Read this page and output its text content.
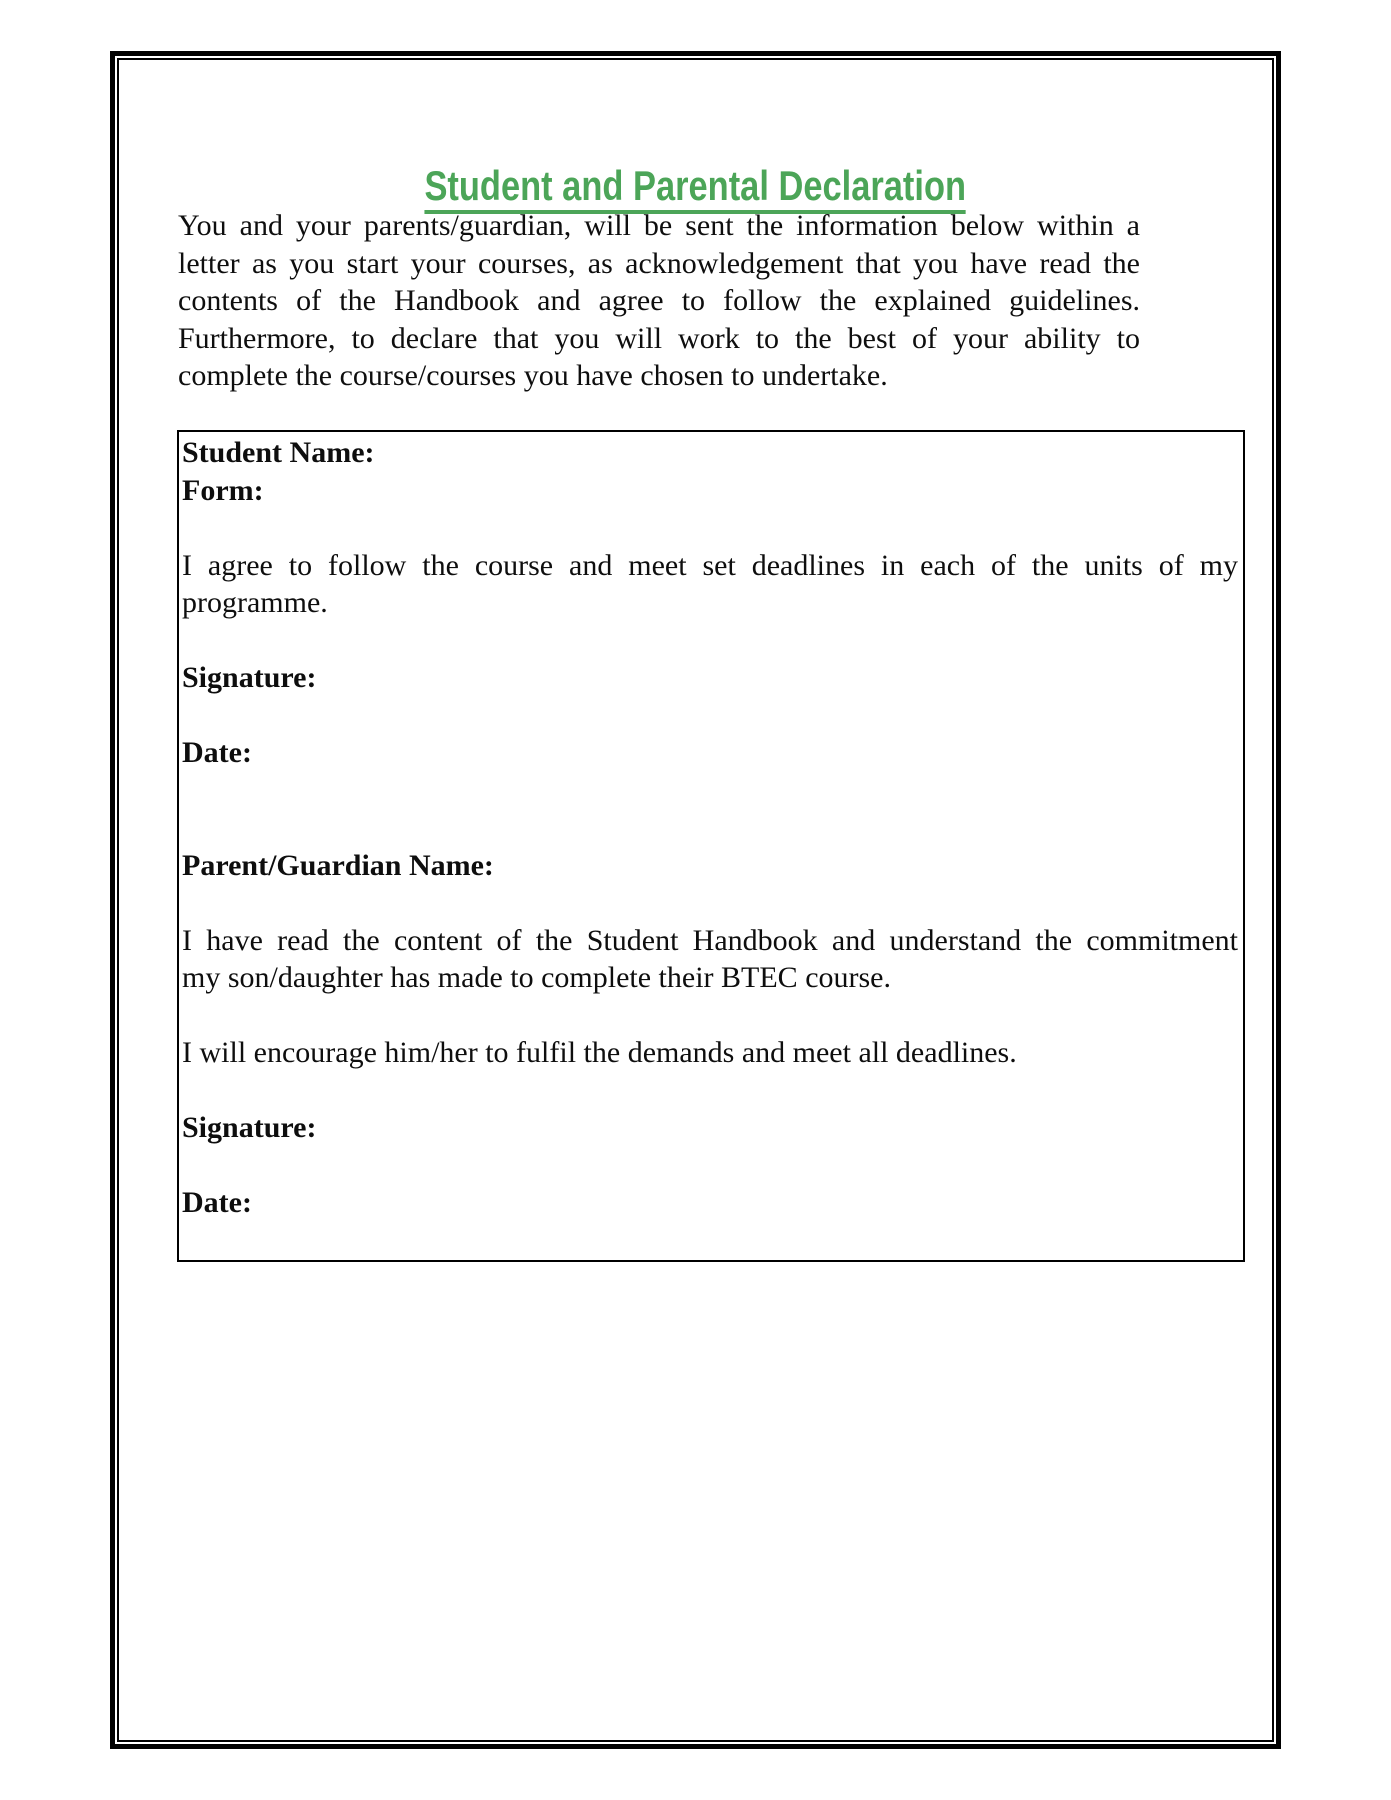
Student and Parental Declaration
You and your parents/guardian, will be sent the information below within a
letter as you start your courses, as acknowledgement that you have read the
contents of the Handbook and agree to follow the explained guidelines.
Furthermore, to declare that you will work to the best of your ability to
complete the course/courses you have chosen to undertake.
Student Name:
Form:
I agree to follow the course and meet set deadlines in each of the units of my
programme.
Signature:
Date:
Parent/Guardian Name:
I have read the content of the Student Handbook and understand the commitment
my son/daughter has made to complete their BTEC course.
I will encourage him/her to fulfil the demands and meet all deadlines.
Signature:
Date:
